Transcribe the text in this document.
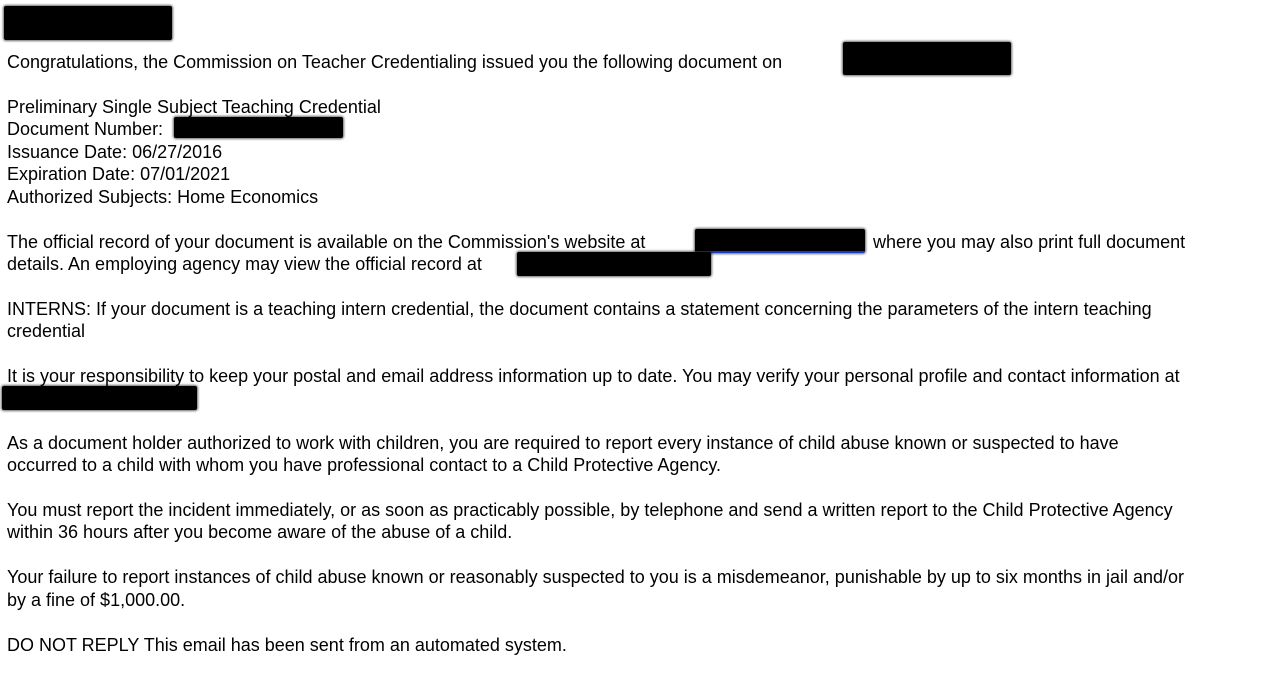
Congratulations, the Commission on Teacher Credentialing issued you the following document on
Preliminary Single Subject Teaching Credential
Document Number:
Issuance Date: 06/27/2016
Expiration Date: 07/01/2021
Authorized Subjects: Home Economics
The official record of your document is available on the Commission's website at	where you may also print full document
details. An employing agency may view the official record at
INTERNS: If your document is a teaching intern credential, the document contains a statement concerning the parameters of the intern teaching
credential
It is your responsibility to keep your postal and email address information up to date. You may verify your personal profile and contact information at
As a document holder authorized to work with children, you are required to report every instance of child abuse known or suspected to have
occurred to a child with whom you have professional contact to a Child Protective Agency.
You must report the incident immediately, or as soon as practicably possible, by telephone and send a written report to the Child Protective Agency
within 36 hours after you become aware of the abuse of a child.
Your failure to report instances of child abuse known or reasonably suspected to you is a misdemeanor, punishable by up to six months in jail and/or
by a fine of $1,000.00.
DO NOT REPLY This email has been sent from an automated system.
